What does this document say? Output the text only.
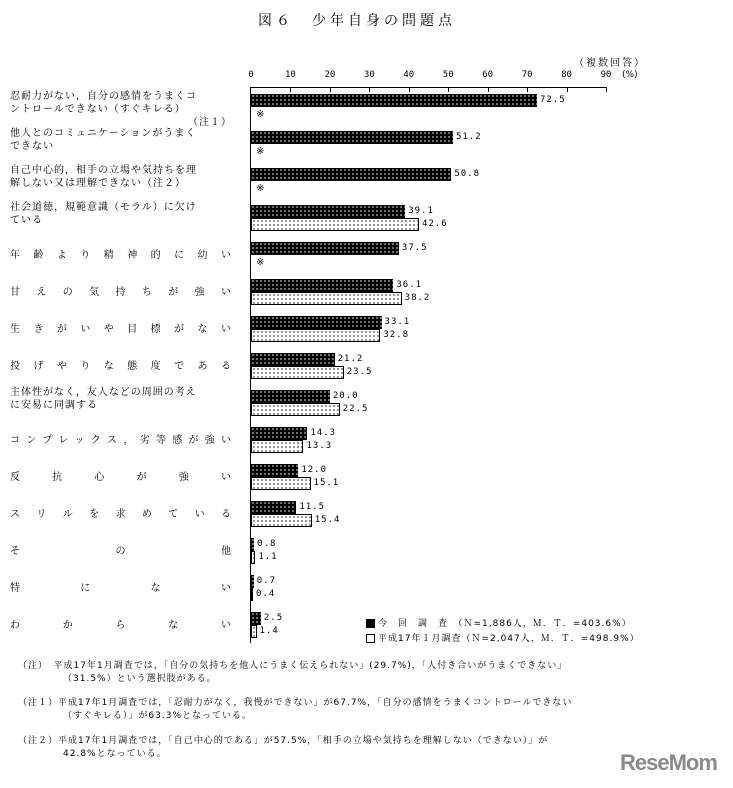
図６　少年自身の問題点
（複数回答）
0	10	20	30	40	50	60	70	80	90 (%)
忍耐力がない，自分の感情をうまくコ
ントロールできない（すぐキレる）
（注１）
72.5
※
他人とのコミュニケーションがうまく
できない
51.2
※
自己中心的，相手の立場や気持ちを理
解しない又は理解できない（注２）
50.8
※
社会道徳，規範意識（モラル）に欠け
ている
39.1
42.6
年齢より精神的に幼い
37.5
※
甘えの気持ちが強い
36.1
38.2
生きがいや目標がない
33.1
32.8
投げやりな態度である
21.2
23.5
主体性がなく，友人などの周囲の考え
に安易に同調する
20.0
22.5
コンプレックス，劣等感が強い
14.3
13.3
反抗心が強い
12.0
15.1
スリルを求めている
11.5
15.4
その他
0.8
1.1
特にない
0.7
0.4
わからない
2.5
1.4
今　回　調　査　（Ｎ=1,886人，Ｍ．Ｔ．=403.6%）
平成17年１月調査（Ｎ=2,047人，Ｍ．Ｔ．=498.9%）
（注）　平成17年1月調査では，「自分の気持ちを他人にうまく伝えられない」(29.7%)，「人付き合いがうまくできない」
（31.5%）という選択肢がある。
（注１）平成17年1月調査では，「忍耐力がなく，我慢ができない」が67.7%，「自分の感情をうまくコントロールできない
（すぐキレる）」が63.3%となっている。
（注２）平成17年1月調査では，「自己中心的である」が57.5%，「相手の立場や気持ちを理解しない（できない）」が
42.8%となっている。	ReseMom
